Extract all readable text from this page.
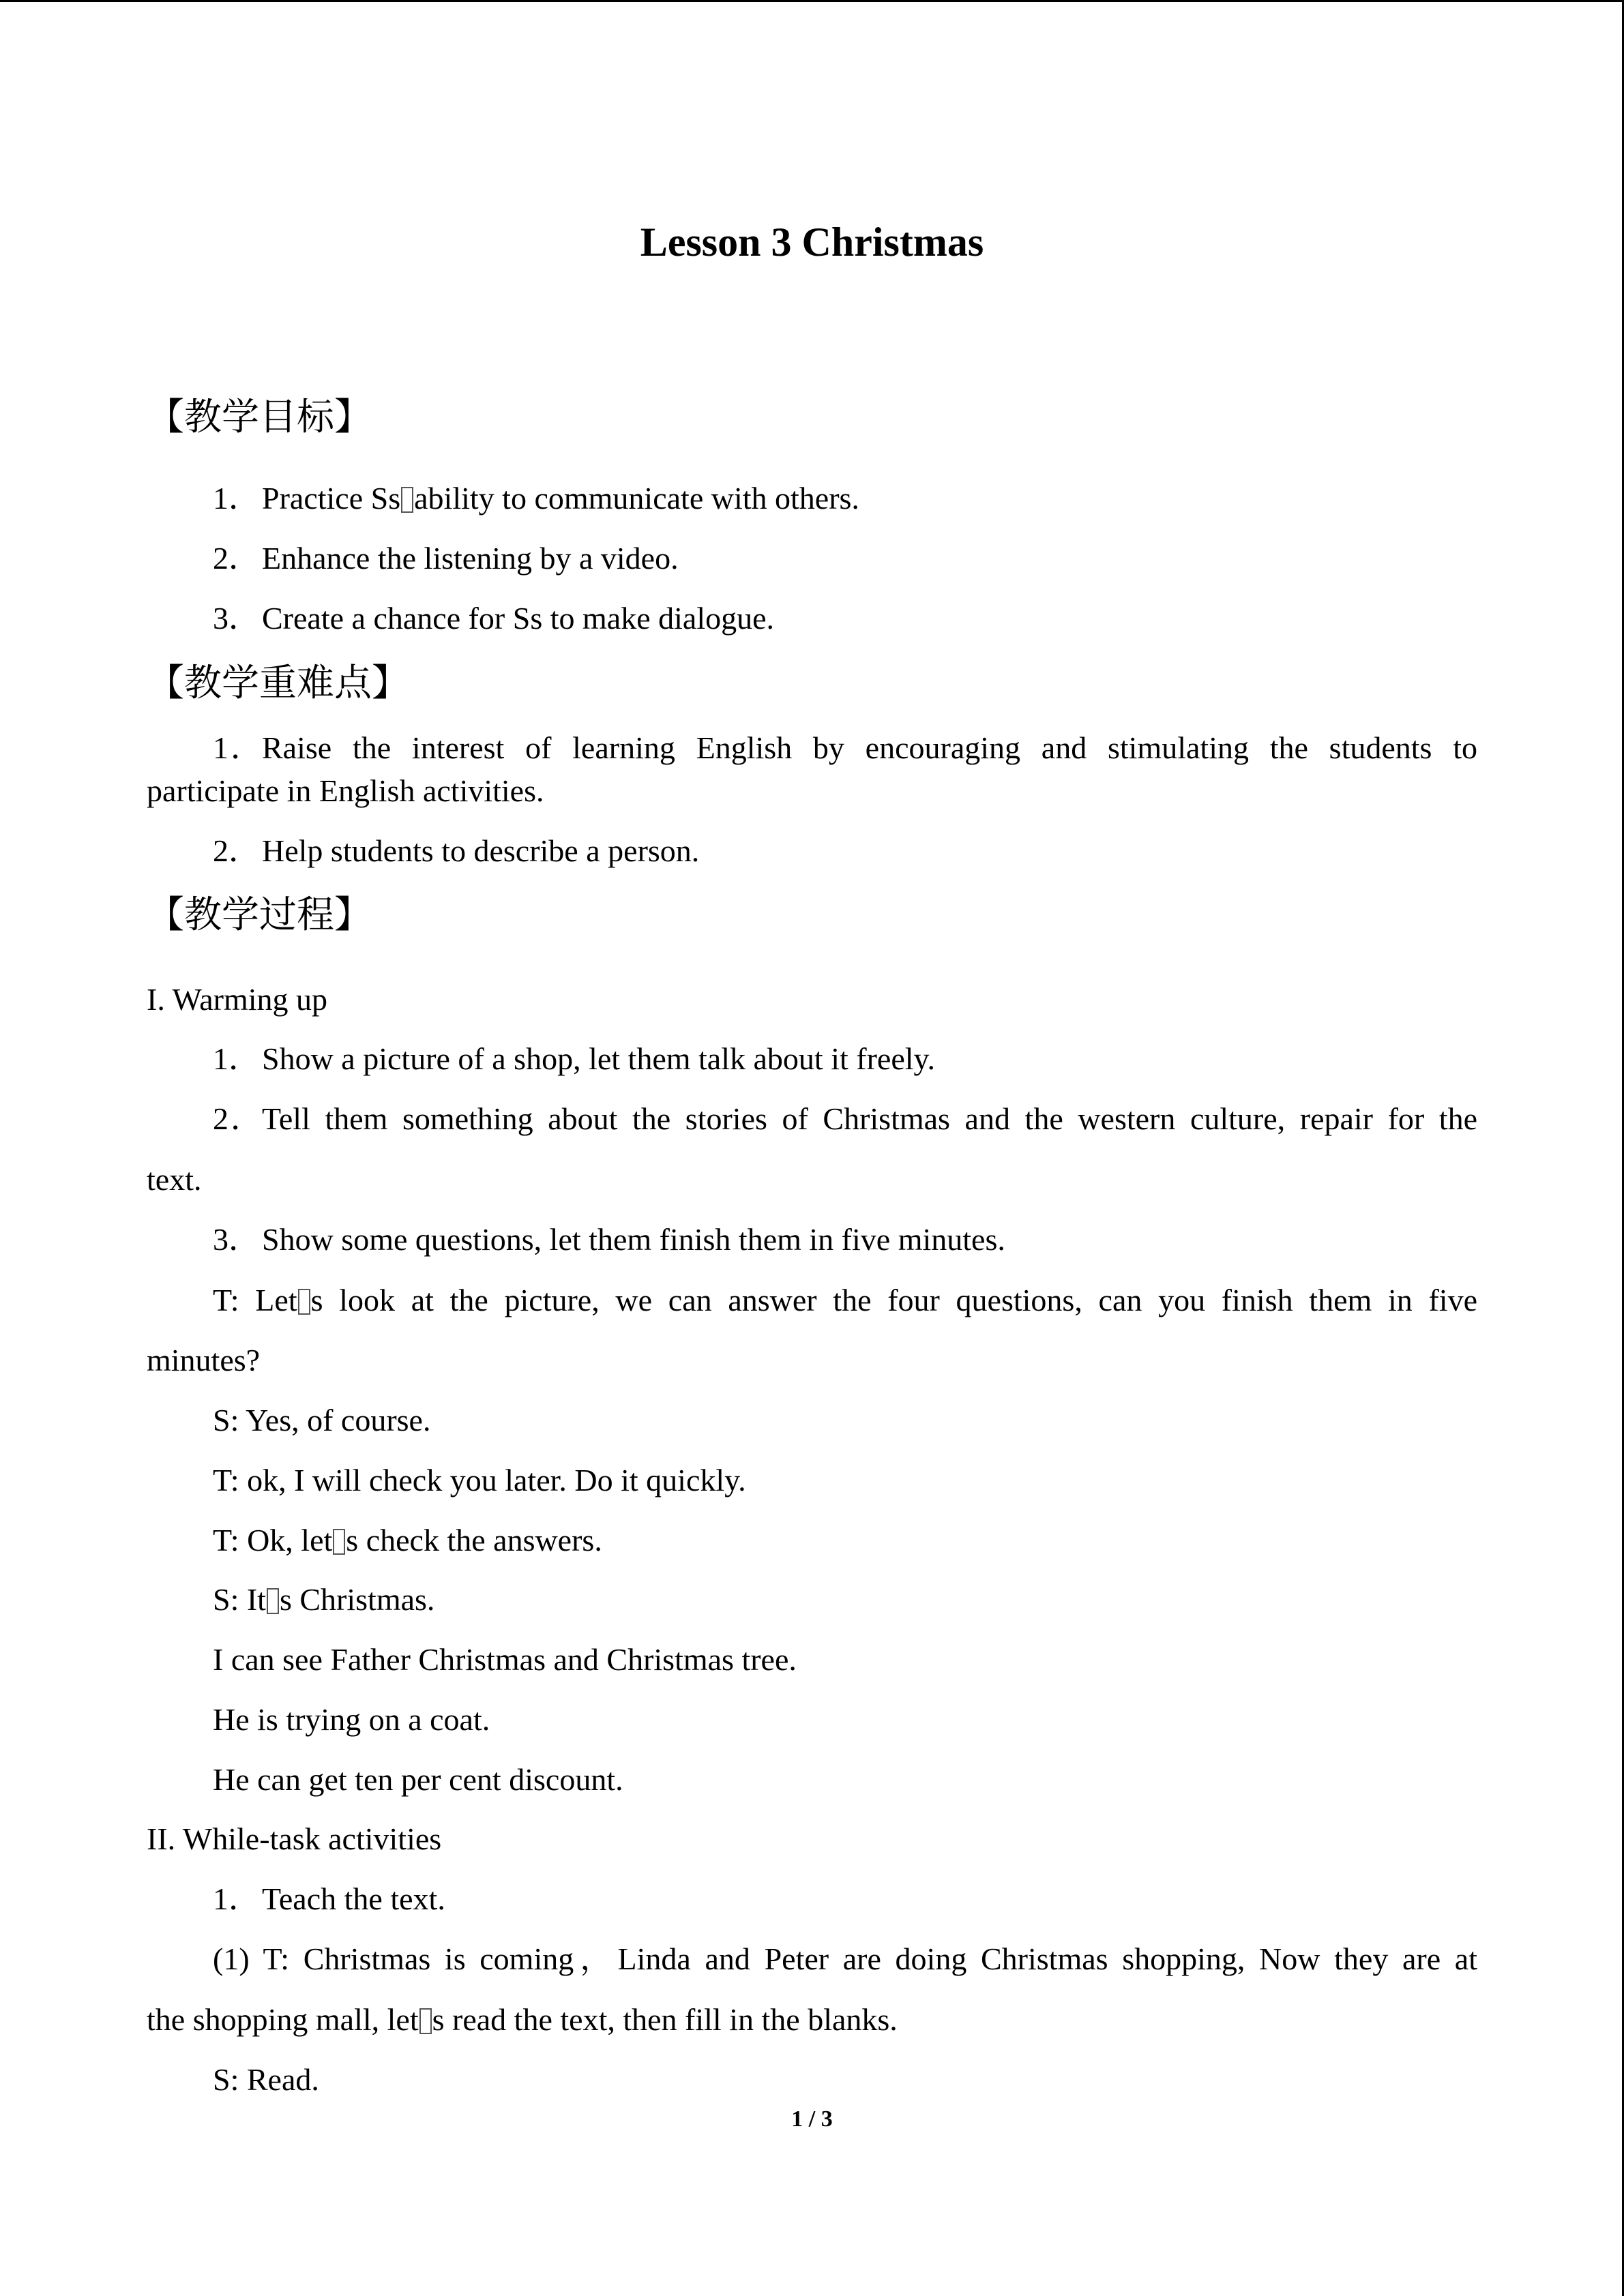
Lesson 3 Christmas

【教学目标】

1．Practice Ss ability to communicate with others.

2．Enhance the listening by a video.

3．Create a chance for Ss to make dialogue.

【教学重难点】

1．Raise the interest of learning English by encouraging and stimulating the students to

participate in English activities.

2．Help students to describe a person.

【教学过程】

I. Warming up

1．Show a picture of a shop, let them talk about it freely.

2．Tell them something about the stories of Christmas and the western culture, repair for the

text.

3．Show some questions, let them finish them in five minutes.

T: Let s look at the picture, we can answer the four questions, can you finish them in five

minutes?

S: Yes, of course.

T: ok, I will check you later. Do it quickly.

T: Ok, let s check the answers.

S: It s Christmas.

I can see Father Christmas and Christmas tree.

He is trying on a coat.

He can get ten per cent discount.

II. While-task activities

1．Teach the text.

(1) T: Christmas is coming，Linda and Peter are doing Christmas shopping, Now they are at

the shopping mall, let s read the text, then fill in the blanks.

S: Read.

1 / 3
